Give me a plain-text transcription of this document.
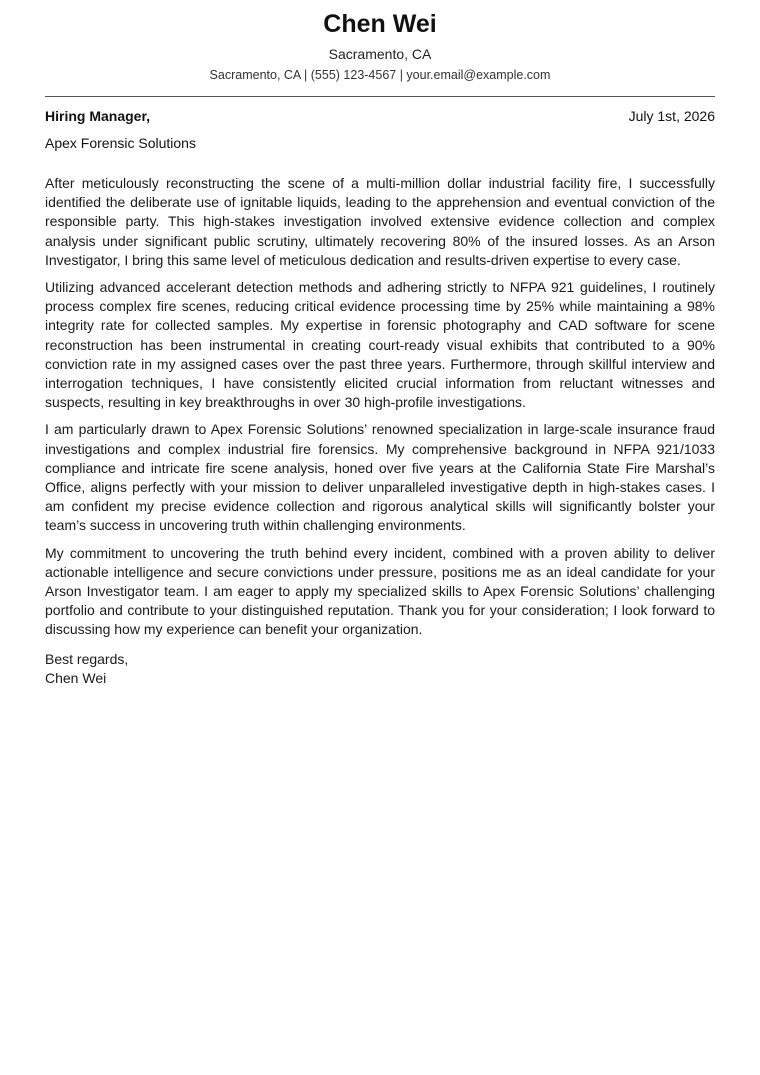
Chen Wei
Sacramento, CA
Sacramento, CA | (555) 123-4567 | your.email@example.com
Hiring Manager,	July 1st, 2026
Apex Forensic Solutions

After meticulously reconstructing the scene of a multi-million dollar industrial facility fire, I successfully identified the deliberate use of ignitable liquids, leading to the apprehension and eventual conviction of the responsible party. This high-stakes investigation involved extensive evidence collection and complex analysis under significant public scrutiny, ultimately recovering 80% of the insured losses. As an Arson Investigator, I bring this same level of meticulous dedication and results-driven expertise to every case.

Utilizing advanced accelerant detection methods and adhering strictly to NFPA 921 guidelines, I routinely process complex fire scenes, reducing critical evidence processing time by 25% while maintaining a 98% integrity rate for collected samples. My expertise in forensic photography and CAD software for scene reconstruction has been instrumental in creating court-ready visual exhibits that contributed to a 90% conviction rate in my assigned cases over the past three years. Furthermore, through skillful interview and interrogation techniques, I have consistently elicited crucial information from reluctant witnesses and suspects, resulting in key breakthroughs in over 30 high-profile investigations.

I am particularly drawn to Apex Forensic Solutions’ renowned specialization in large-scale insurance fraud investigations and complex industrial fire forensics. My comprehensive background in NFPA 921/1033 compliance and intricate fire scene analysis, honed over five years at the California State Fire Marshal’s Office, aligns perfectly with your mission to deliver unparalleled investigative depth in high-stakes cases. I am confident my precise evidence collection and rigorous analytical skills will significantly bolster your team’s success in uncovering truth within challenging environments.

My commitment to uncovering the truth behind every incident, combined with a proven ability to deliver actionable intelligence and secure convictions under pressure, positions me as an ideal candidate for your Arson Investigator team. I am eager to apply my specialized skills to Apex Forensic Solutions’ challenging portfolio and contribute to your distinguished reputation. Thank you for your consideration; I look forward to discussing how my experience can benefit your organization.

Best regards,
Chen Wei
